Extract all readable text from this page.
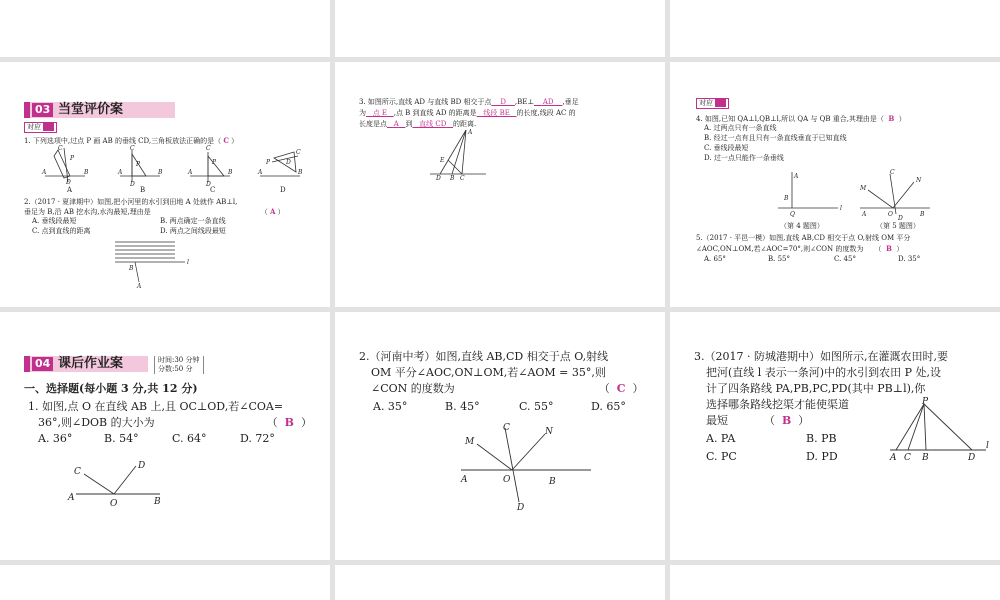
03 当堂评价案
对应
1. 下列选项中,过点 P 画 AB 的垂线 CD,三角板放法正确的是（ C ）
A	B
P
D
C
A	B
P
D
C
A	B
P
D
C
A	B
P	D
C
A	B	C	D
2.（2017 · 夏津期中）如图,把小河里的水引到田地 A 处就作 AB⊥l,
垂足为 B,沿 AB 挖水沟,水沟最短,理由是	（ A ）
A. 垂线段最短	B. 两点确定一条直线
C. 点到直线的距离	D. 两点之间线段最短
l
B
A
3. 如图所示,直线 AD 与直线 BD 相交于点 D ,BE⊥ AD ,垂足
为 点 E ,点 B 到直线 AD 的距离是 线段 BE 的长度,线段 AC 的
长度是点 A 到 直线 CD 的距离.
A
E
D B C
对应
4. 如图,已知 QA⊥l,QB⊥l,所以 QA 与 QB 重合,其理由是（ B  ）
A. 过两点只有一条直线
B. 经过一点有且只有一条直线垂直于已知直线
C. 垂线段最短
D. 过一点只能作一条垂线
A
B
Q
l
M
C
N
A	O	B
D
（第 4 题图）	（第 5 题图）
5.（2017 · 平邑一模）如图,直线 AB,CD 相交于点 O,射线 OM 平分
∠AOC,ON⊥OM,若∠AOC=70°,则∠CON 的度数为     （  B  ）
A. 65°	B. 55°	C. 45°	D. 35°
04 课后作业案	时间:30 分钟
分数:50 分
一、选择题(每小题 3 分,共 12 分)
1. 如图,点 O 在直线 AB 上,且 OC⊥OD,若∠COA=
36°,则∠DOB 的大小为	（  B  ）
A. 36°	B. 54°	C. 64°	D. 72°
C
D
A
O	B
2.（河南中考）如图,直线 AB,CD 相交于点 O,射线
OM 平分∠AOC,ON⊥OM,若∠AOM = 35°,则
∠CON 的度数为	（  C  ）
A. 35°	B. 45°	C. 55°	D. 65°
M
C	N
A	O	B
D
3.（2017 · 防城港期中）如图所示,在灌溉农田时,要
把河(直线 l 表示一条河)中的水引到农田 P 处,设
计了四条路线 PA,PB,PC,PD(其中 PB⊥l),你
选择哪条路线挖渠才能使渠道
最短	（  B  ）
A. PA	B. PB
C. PC	D. PD
P
A C B	D
l
